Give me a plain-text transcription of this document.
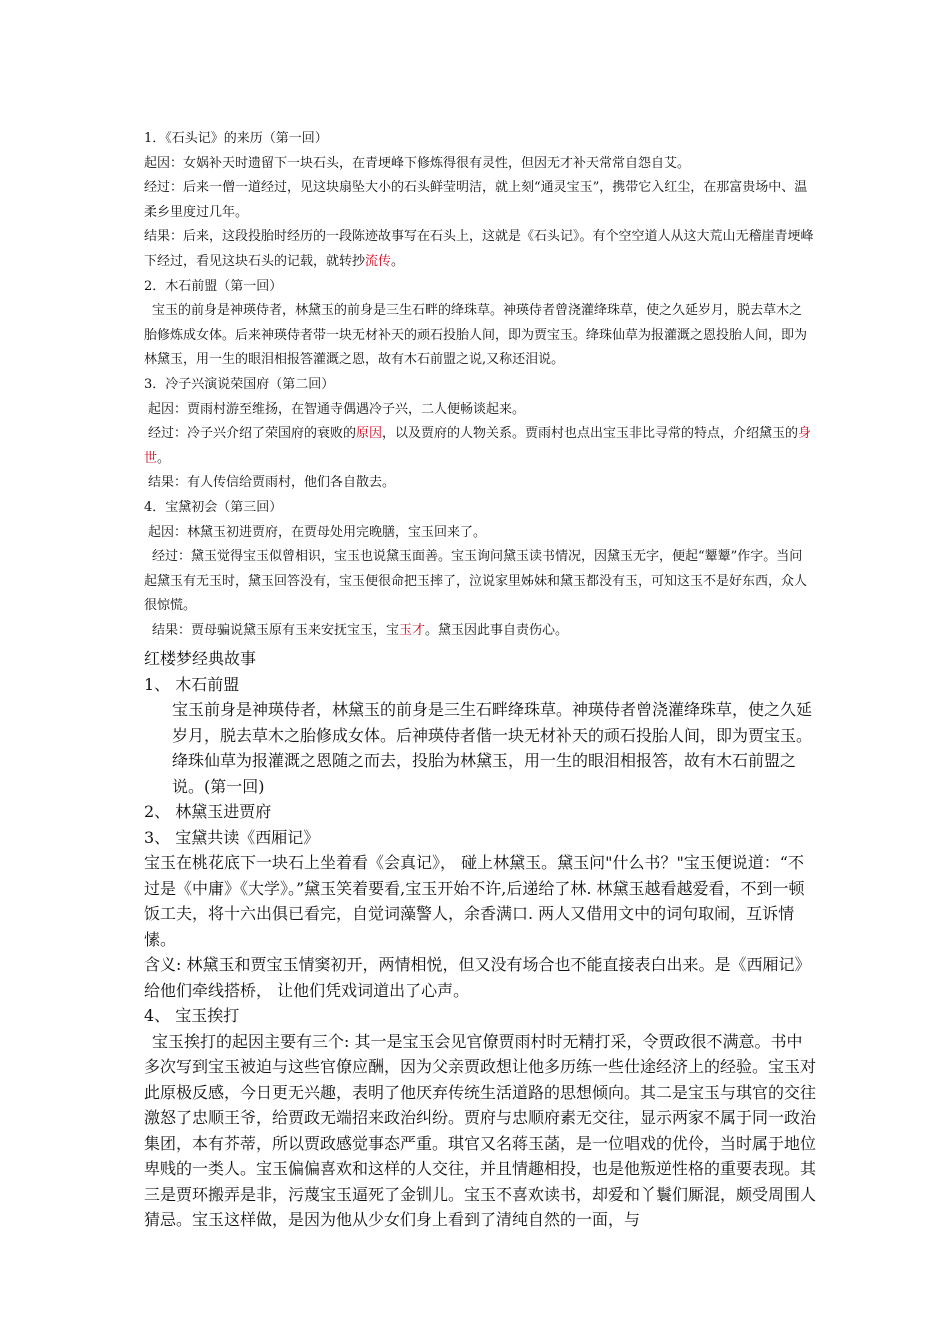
1．《石头记》的来历（第一回）

起因：女娲补天时遗留下一块石头，在青埂峰下修炼得很有灵性，但因无才补天常常自怨自艾。

经过：后来一僧一道经过，见这块扇坠大小的石头鲜莹明洁，就上刻“通灵宝玉”，携带它入红尘，在那富贵场中、温柔乡里度过几年。

结果：后来，这段投胎时经历的一段陈迹故事写在石头上，这就是《石头记》。有个空空道人从这大荒山无稽崖青埂峰下经过，看见这块石头的记载，就转抄流传。

2．木石前盟（第一回）

宝玉的前身是神瑛侍者，林黛玉的前身是三生石畔的绛珠草。神瑛侍者曾浇灌绛珠草，使之久延岁月，脱去草木之胎修炼成女体。后来神瑛侍者带一块无材补天的顽石投胎人间，即为贾宝玉。绛珠仙草为报灌溉之恩投胎人间，即为林黛玉，用一生的眼泪相报答灌溉之恩，故有木石前盟之说,又称还泪说。

3．冷子兴演说荣国府（第二回）

起因：贾雨村游至维扬，在智通寺偶遇冷子兴，二人便畅谈起来。

经过：冷子兴介绍了荣国府的衰败的原因，以及贾府的人物关系。贾雨村也点出宝玉非比寻常的特点，介绍黛玉的身世。

结果：有人传信给贾雨村，他们各自散去。

4．宝黛初会（第三回）

起因：林黛玉初进贾府，在贾母处用完晚膳，宝玉回来了。

经过：黛玉觉得宝玉似曾相识，宝玉也说黛玉面善。宝玉询问黛玉读书情况，因黛玉无字，便起“颦颦”作字。当问起黛玉有无玉时，黛玉回答没有，宝玉便很命把玉摔了，泣说家里姊妹和黛玉都没有玉，可知这玉不是好东西，众人很惊慌。

结果：贾母骗说黛玉原有玉来安抚宝玉，宝玉才。黛玉因此事自责伤心。

红楼梦经典故事

1、 木石前盟

宝玉前身是神瑛侍者，林黛玉的前身是三生石畔绛珠草。神瑛侍者曾浇灌绛珠草，使之久延岁月，脱去草木之胎修成女体。后神瑛侍者偕一块无材补天的顽石投胎人间，即为贾宝玉。绛珠仙草为报灌溉之恩随之而去，投胎为林黛玉，用一生的眼泪相报答，故有木石前盟之说。(第一回)

2、 林黛玉进贾府

3、 宝黛共读《西厢记》

宝玉在桃花底下一块石上坐着看《会真记》， 碰上林黛玉。黛玉问"什么书？"宝玉便说道：“不过是《中庸》《大学》。”黛玉笑着要看,宝玉开始不许,后递给了林. 林黛玉越看越爱看，不到一顿饭工夫，将十六出俱已看完，自觉词藻警人，余香满口. 两人又借用文中的词句取闹，互诉情愫。

含义: 林黛玉和贾宝玉情窦初开，两情相悦，但又没有场合也不能直接表白出来。是《西厢记》给他们牵线搭桥， 让他们凭戏词道出了心声。

4、 宝玉挨打

宝玉挨打的起因主要有三个: 其一是宝玉会见官僚贾雨村时无精打采，令贾政很不满意。书中多次写到宝玉被迫与这些官僚应酬，因为父亲贾政想让他多历练一些仕途经济上的经验。宝玉对此原极反感，今日更无兴趣，表明了他厌弃传统生活道路的思想倾向。其二是宝玉与琪官的交往激怒了忠顺王爷，给贾政无端招来政治纠纷。贾府与忠顺府素无交往，显示两家不属于同一政治集团，本有芥蒂，所以贾政感觉事态严重。琪官又名蒋玉菡，是一位唱戏的优伶，当时属于地位卑贱的一类人。宝玉偏偏喜欢和这样的人交往，并且情趣相投，也是他叛逆性格的重要表现。其三是贾环搬弄是非，污蔑宝玉逼死了金钏儿。宝玉不喜欢读书，却爱和丫鬟们厮混，颇受周围人猜忌。宝玉这样做，是因为他从少女们身上看到了清纯自然的一面，与
